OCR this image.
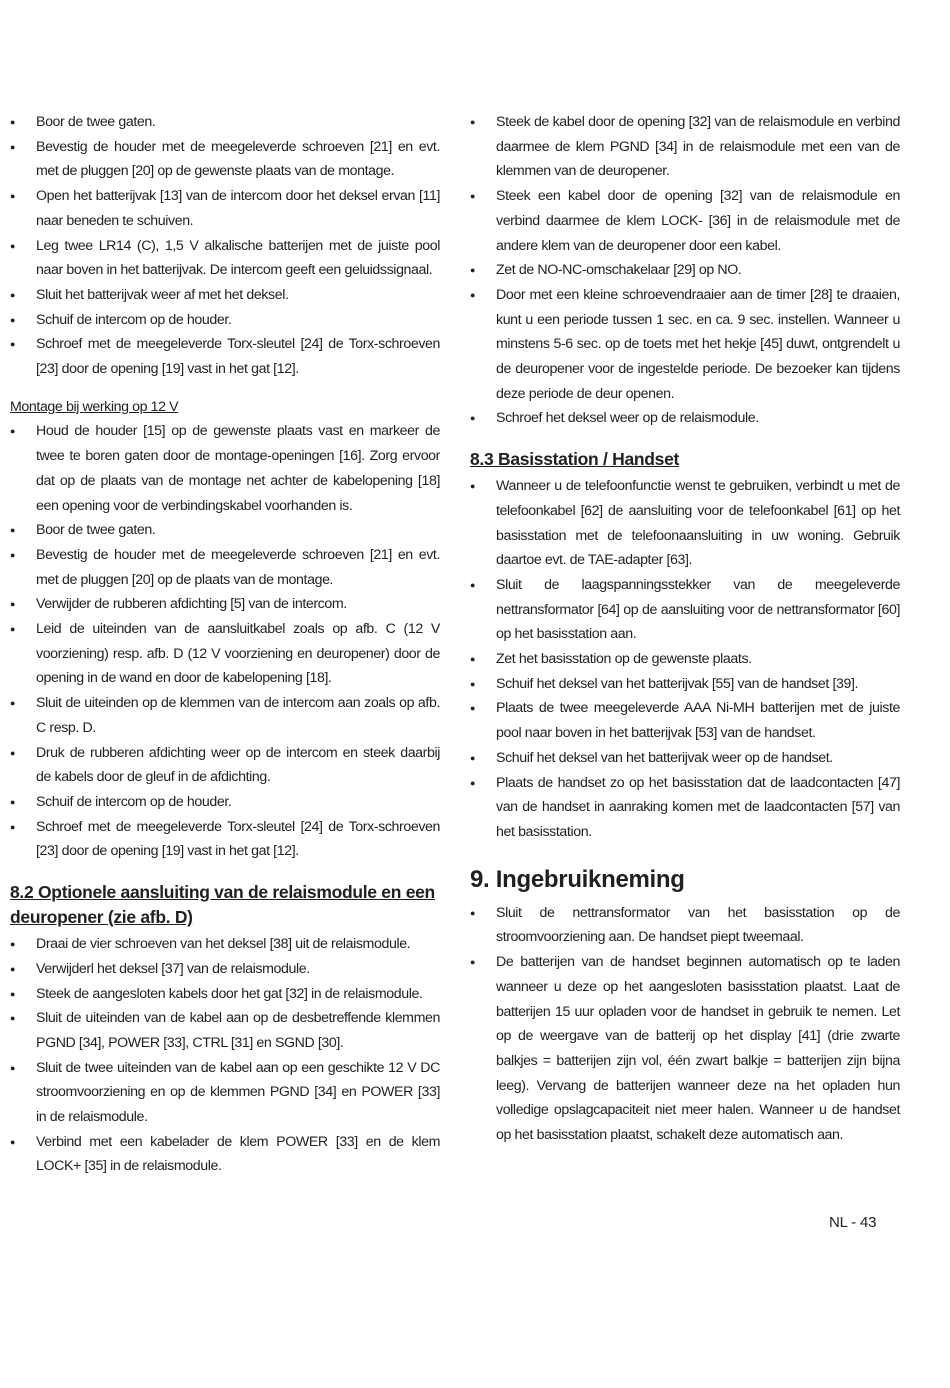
● Boor de twee gaten.
● Bevestig de houder met de meegeleverde schroeven [21] en evt. met de pluggen [20] op de gewenste plaats van de montage.
● Open het batterijvak [13] van de intercom door het deksel ervan [11] naar beneden te schuiven.
● Leg twee LR14 (C), 1,5 V alkalische batterijen met de juiste pool naar boven in het batterijvak. De intercom geeft een geluidssignaal.
● Sluit het batterijvak weer af met het deksel.
● Schuif de intercom op de houder.
● Schroef met de meegeleverde Torx-sleutel [24] de Torx-schroeven [23] door de opening [19] vast in het gat [12].
Montage bij werking op 12 V
● Houd de houder [15] op de gewenste plaats vast en markeer de twee te boren gaten door de montage-openingen [16]. Zorg ervoor dat op de plaats van de montage net achter de kabelopening [18] een opening voor de verbindingskabel voorhanden is.
● Boor de twee gaten.
● Bevestig de houder met de meegeleverde schroeven [21] en evt. met de pluggen [20] op de plaats van de montage.
● Verwijder de rubberen afdichting [5] van de intercom.
● Leid de uiteinden van de aansluitkabel zoals op afb. C (12 V voorziening) resp. afb. D (12 V voorziening en deuropener) door de opening in de wand en door de kabelopening [18].
● Sluit de uiteinden op de klemmen van de intercom aan zoals op afb. C resp. D.
● Druk de rubberen afdichting weer op de intercom en steek daarbij de kabels door de gleuf in de afdichting.
● Schuif de intercom op de houder.
● Schroef met de meegeleverde Torx-sleutel [24] de Torx-schroeven [23] door de opening [19] vast in het gat [12].
8.2 Optionele aansluiting van de relaismodule en een deuropener (zie afb. D)
● Draai de vier schroeven van het deksel [38] uit de relaismodule.
● Verwijderl het deksel [37] van de relaismodule.
● Steek de aangesloten kabels door het gat [32] in de relaismodule.
● Sluit de uiteinden van de kabel aan op de desbetreffende klemmen PGND [34], POWER [33], CTRL [31] en SGND [30].
● Sluit de twee uiteinden van de kabel aan op een geschikte 12 V DC stroomvoorziening en op de klemmen PGND [34] en POWER [33] in de relaismodule.
● Verbind met een kabelader de klem POWER [33] en de klem LOCK+ [35] in de relaismodule.
● Steek de kabel door de opening [32] van de relaismodule en verbind daarmee de klem PGND [34] in de relaismodule met een van de klemmen van de deuropener.
● Steek een kabel door de opening [32] van de relaismodule en verbind daarmee de klem LOCK- [36] in de relaismodule met de andere klem van de deuropener door een kabel.
● Zet de NO-NC-omschakelaar [29] op NO.
● Door met een kleine schroevendraaier aan de timer [28] te draaien, kunt u een periode tussen 1 sec. en ca. 9 sec. instellen. Wanneer u minstens 5-6 sec. op de toets met het hekje [45] duwt, ontgrendelt u de deuropener voor de ingestelde periode. De bezoeker kan tijdens deze periode de deur openen.
● Schroef het deksel weer op de relaismodule.
8.3 Basisstation / Handset
● Wanneer u de telefoonfunctie wenst te gebruiken, verbindt u met de telefoonkabel [62] de aansluiting voor de telefoonkabel [61] op het basisstation met de telefoonaansluiting in uw woning. Gebruik daartoe evt. de TAE-adapter [63].
● Sluit de laagspanningsstekker van de meegeleverde nettransformator [64] op de aansluiting voor de nettransformator [60] op het basisstation aan.
● Zet het basisstation op de gewenste plaats.
● Schuif het deksel van het batterijvak [55] van de handset [39].
● Plaats de twee meegeleverde AAA Ni-MH batterijen met de juiste pool naar boven in het batterijvak [53] van de handset.
● Schuif het deksel van het batterijvak weer op de handset.
● Plaats de handset zo op het basisstation dat de laadcontacten [47] van de handset in aanraking komen met de laadcontacten [57] van het basisstation.
9. Ingebruikneming
● Sluit de nettransformator van het basisstation op de stroomvoorziening aan. De handset piept tweemaal.
● De batterijen van de handset beginnen automatisch op te laden wanneer u deze op het aangesloten basisstation plaatst. Laat de batterijen 15 uur opladen voor de handset in gebruik te nemen. Let op de weergave van de batterij op het display [41] (drie zwarte balkjes = batterijen zijn vol, één zwart balkje = batterijen zijn bijna leeg). Vervang de batterijen wanneer deze na het opladen hun volledige opslagcapaciteit niet meer halen. Wanneer u de handset op het basisstation plaatst, schakelt deze automatisch aan.
NL - 43
